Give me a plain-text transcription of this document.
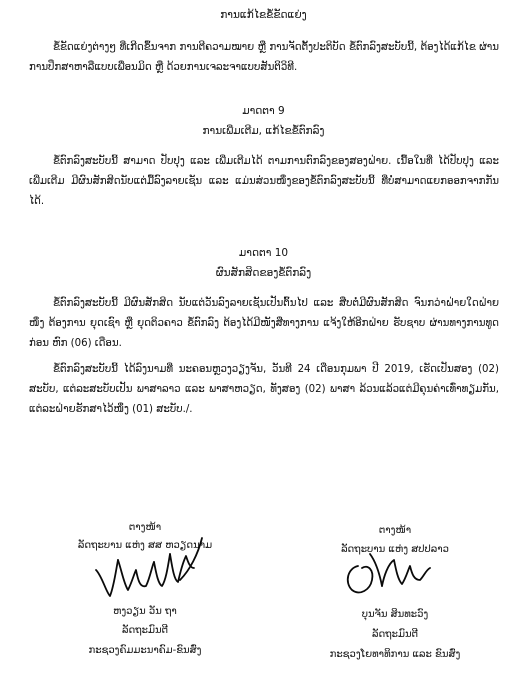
ການແກ້ໄຂຂໍ້ຂັດແຍ່ງ

ຂໍ້ຂັດແຍ່ງຕ່າງໆ ທີ່ເກີດຂຶ້ນຈາກ ການຕີຄວາມໝາຍ ຫຼື ການຈັດຕັ້ງປະຕິບັດ ຂໍ້ຕົກລົງສະບັບນີ້, ຕ້ອງໄດ້ແກ້ໄຂ ຜ່ານການປຶກສາຫາລືແບບເພື່ອນມິດ ຫຼື ດ້ວຍການເຈລະຈາແບບສັນຕິວິທີ.

ມາດຕາ 9
ການເພີ່ມເຕີມ, ແກ້ໄຂຂໍ້ຕົກລົງ

ຂໍ້ຕົກລົງສະບັບນີ້ ສາມາດ ປັບປຸງ ແລະ ເພີ່ມເຕີມໄດ້ ຕາມການຕົກລົງຂອງສອງຝ່າຍ. ເນື້ອໃນທີ່ ໄດ້ປັບປຸງ ແລະ ເພີ່ມເຕີມ ມີຜົນສັກສິດນັບແຕ່ມື້ລົງລາຍເຊັນ ແລະ ແມ່ນສ່ວນໜຶ່ງຂອງຂໍ້ຕົກລົງສະບັບນີ້ ທີ່ບໍ່ສາມາດແຍກອອກຈາກກັນໄດ້.

ມາດຕາ 10
ຜົນສັກສິດຂອງຂໍ້ຕົກລົງ

ຂໍ້ຕົກລົງສະບັບນີ້ ມີຜົນສັກສິດ ນັບແຕ່ວັນລົງລາຍເຊັນເປັນຕົ້ນໄປ ແລະ ສືບຕໍ່ມີຜົນສັກສິດ ຈົນກວ່າຝ່າຍໃດຝ່າຍໜຶ່ງ ຕ້ອງການ ຍຸດເຊົາ ຫຼື ຍຸດຕິວຄາວ ຂໍ້ຕົກລົງ ຕ້ອງໄດ້ມີໜັງສືທາງການ ແຈ້ງໃຫ້ອີກຝ່າຍ ຮັບຊາບ ຜ່ານທາງການທູດ ກ່ອນ ຫົກ (06) ເດືອນ.

ຂໍ້ຕົກລົງສະບັບນີ້ ໄດ້ລົງນາມທີ່ ນະຄອນຫຼວງວຽງຈັນ, ວັນທີ 24 ເດືອນກຸມພາ ປີ 2019, ເຮັດເປັນສອງ (02) ສະບັບ, ແຕ່ລະສະບັບເປັນ ພາສາລາວ ແລະ ພາສາຫວຽດ, ທັງສອງ (02) ພາສາ ລ້ວນແລ້ວແຕ່ມີຄຸນຄ່າເທົ່າທຽມກັນ, ແຕ່ລະຝ່າຍຮັກສາໄວ້ໜຶ່ງ (01) ສະບັບ./.

ຕາງໜ້າ
ລັດຖະບານ ແຫ່ງ ສສ ຫວຽດນາມ
ຫງວຽນ ວັນ ຖາ
ລັດຖະມົນຕີ
ກະຊວງຄົມມະນາຄົມ-ຂົນສົ່ງ
ຕາງໜ້າ
ລັດຖະບານ ແຫ່ງ ສປປລາວ
ບຸນຈັນ ສິນທະວົງ
ລັດຖະມົນຕີ
ກະຊວງໂຍທາທິການ ແລະ ຂົນສົ່ງ
